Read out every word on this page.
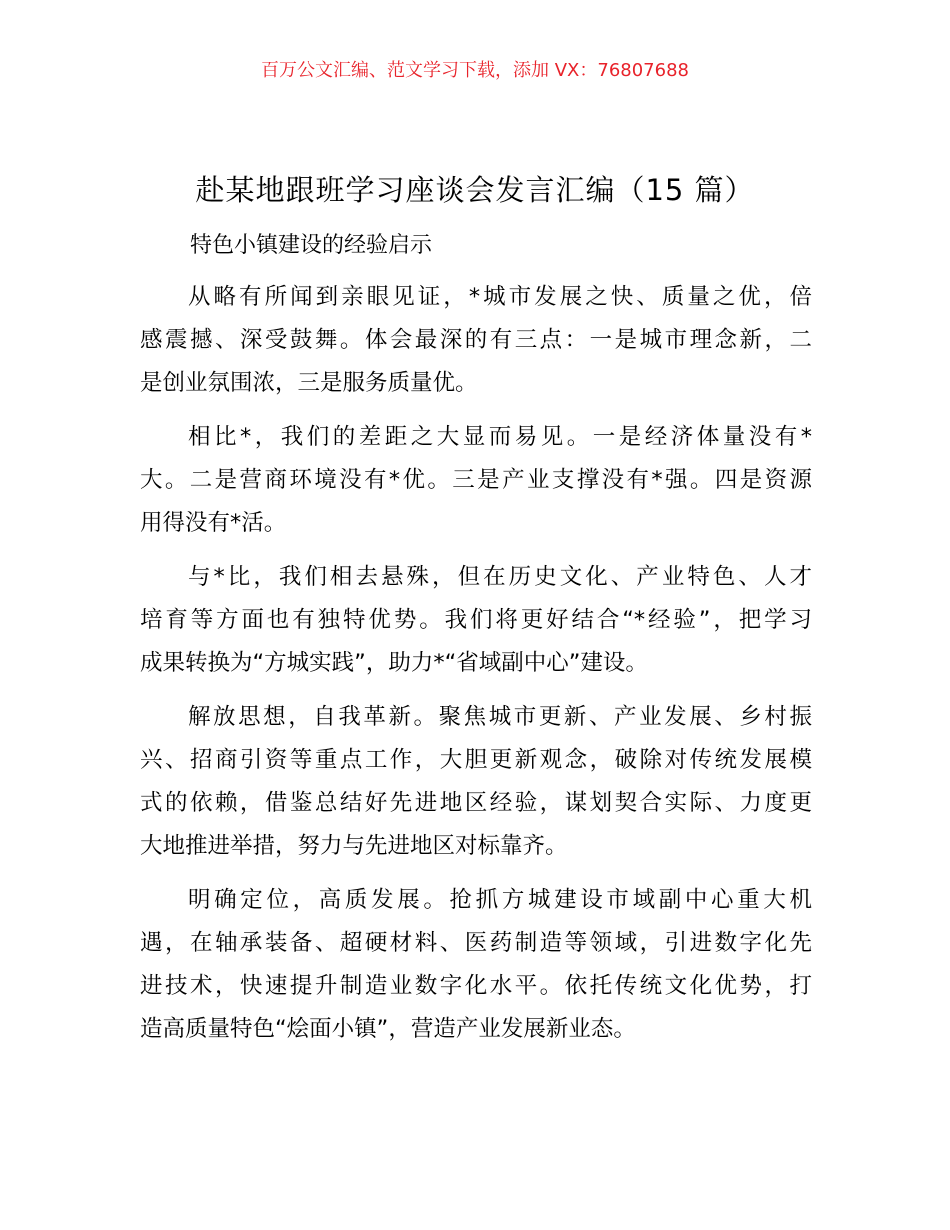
百万公文汇编、范文学习下载，添加 VX：76807688
赴某地跟班学习座谈会发言汇编（15 篇）
特色小镇建设的经验启示
从略有所闻到亲眼见证，*城市发展之快、质量之优，倍
感震撼、深受鼓舞。体会最深的有三点：一是城市理念新，二
是创业氛围浓，三是服务质量优。
相比*，我们的差距之大显而易见。一是经济体量没有*
大。二是营商环境没有*优。三是产业支撑没有*强。四是资源
用得没有*活。
与*比，我们相去悬殊，但在历史文化、产业特色、人才
培育等方面也有独特优势。我们将更好结合“*经验”，把学习
成果转换为“方城实践”，助力*“省域副中心”建设。
解放思想，自我革新。聚焦城市更新、产业发展、乡村振
兴、招商引资等重点工作，大胆更新观念，破除对传统发展模
式的依赖，借鉴总结好先进地区经验，谋划契合实际、力度更
大地推进举措，努力与先进地区对标靠齐。
明确定位，高质发展。抢抓方城建设市域副中心重大机
遇，在轴承装备、超硬材料、医药制造等领域，引进数字化先
进技术，快速提升制造业数字化水平。依托传统文化优势，打
造高质量特色“烩面小镇”，营造产业发展新业态。
